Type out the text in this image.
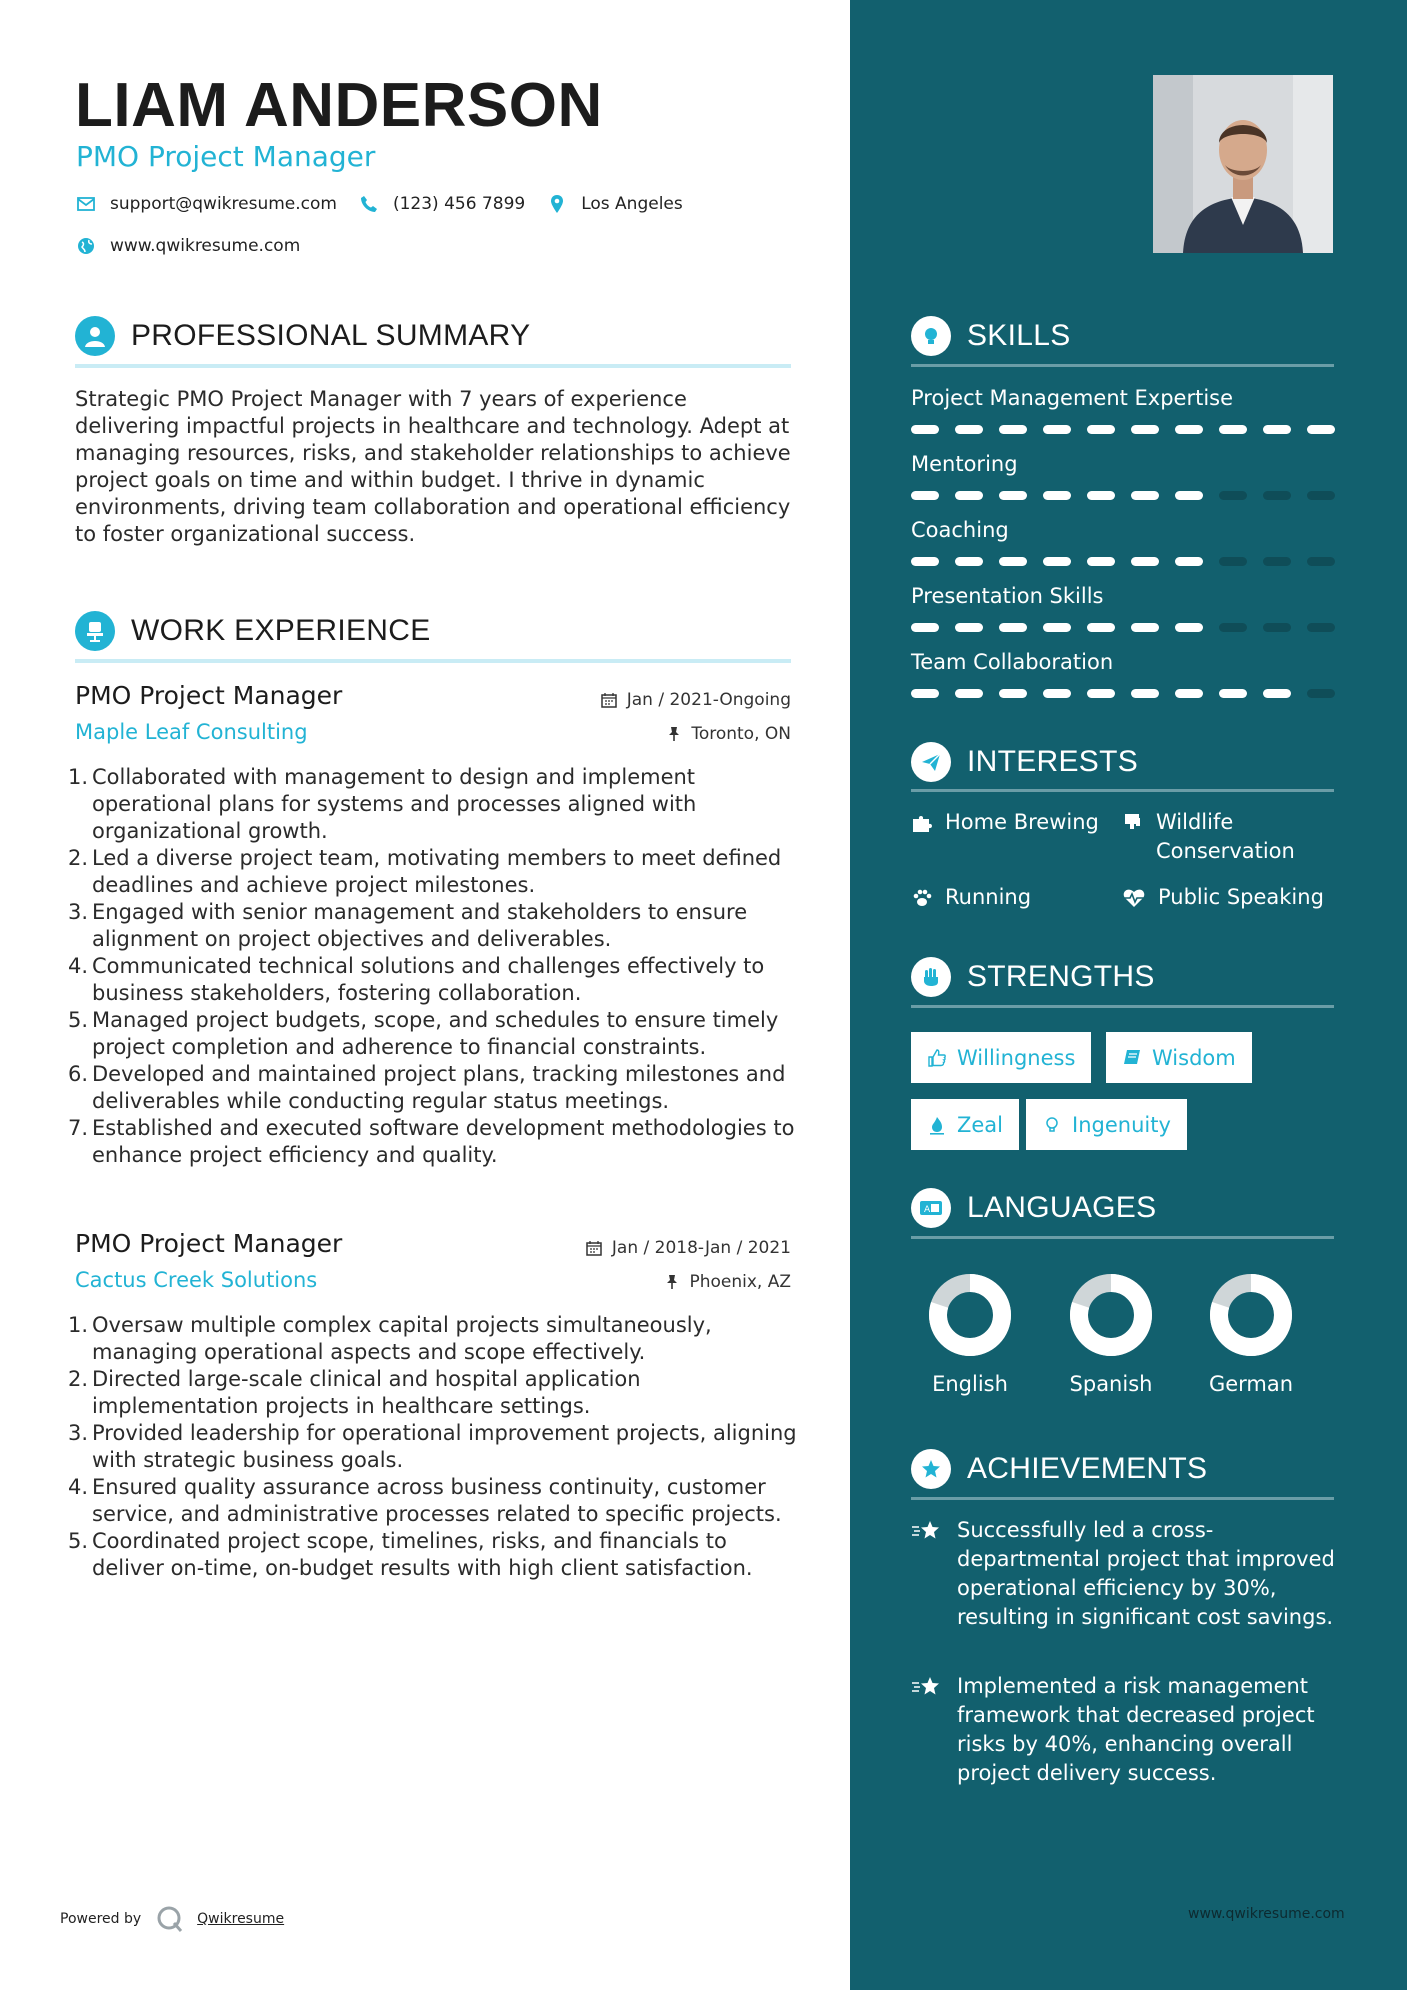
LIAM ANDERSON
PMO Project Manager
support@qwikresume.com	(123) 456 7899	Los Angeles
www.qwikresume.com
PROFESSIONAL SUMMARY

Strategic PMO Project Manager with 7 years of experience delivering impactful projects in healthcare and technology. Adept at managing resources, risks, and stakeholder relationships to achieve project goals on time and within budget. I thrive in dynamic environments, driving team collaboration and operational efficiency to foster organizational success.

WORK EXPERIENCE
PMO Project Manager	Jan / 2021-Ongoing
Maple Leaf Consulting	Toronto, ON
1. Collaborated with management to design and implement operational plans for systems and processes aligned with organizational growth.
2. Led a diverse project team, motivating members to meet defined deadlines and achieve project milestones.
3. Engaged with senior management and stakeholders to ensure alignment on project objectives and deliverables.
4. Communicated technical solutions and challenges effectively to business stakeholders, fostering collaboration.
5. Managed project budgets, scope, and schedules to ensure timely project completion and adherence to financial constraints.
6. Developed and maintained project plans, tracking milestones and deliverables while conducting regular status meetings.
7. Established and executed software development methodologies to enhance project efficiency and quality.
PMO Project Manager	Jan / 2018-Jan / 2021
Cactus Creek Solutions	Phoenix, AZ
1. Oversaw multiple complex capital projects simultaneously, managing operational aspects and scope effectively.
2. Directed large-scale clinical and hospital application implementation projects in healthcare settings.
3. Provided leadership for operational improvement projects, aligning with strategic business goals.
4. Ensured quality assurance across business continuity, customer service, and administrative processes related to specific projects.
5. Coordinated project scope, timelines, risks, and financials to deliver on-time, on-budget results with high client satisfaction.
Powered by	Qwikresume
SKILLS
Project Management Expertise
Mentoring
Coaching
Presentation Skills
Team Collaboration
INTERESTS
Home Brewing	Wildlife Conservation
Running	Public Speaking
STRENGTHS
Willingness	Wisdom
Zeal	Ingenuity
A LANGUAGES
English	Spanish	German
ACHIEVEMENTS
Successfully led a cross-departmental project that improved operational efficiency by 30%, resulting in significant cost savings.
Implemented a risk management framework that decreased project risks by 40%, enhancing overall project delivery success.
www.qwikresume.com
